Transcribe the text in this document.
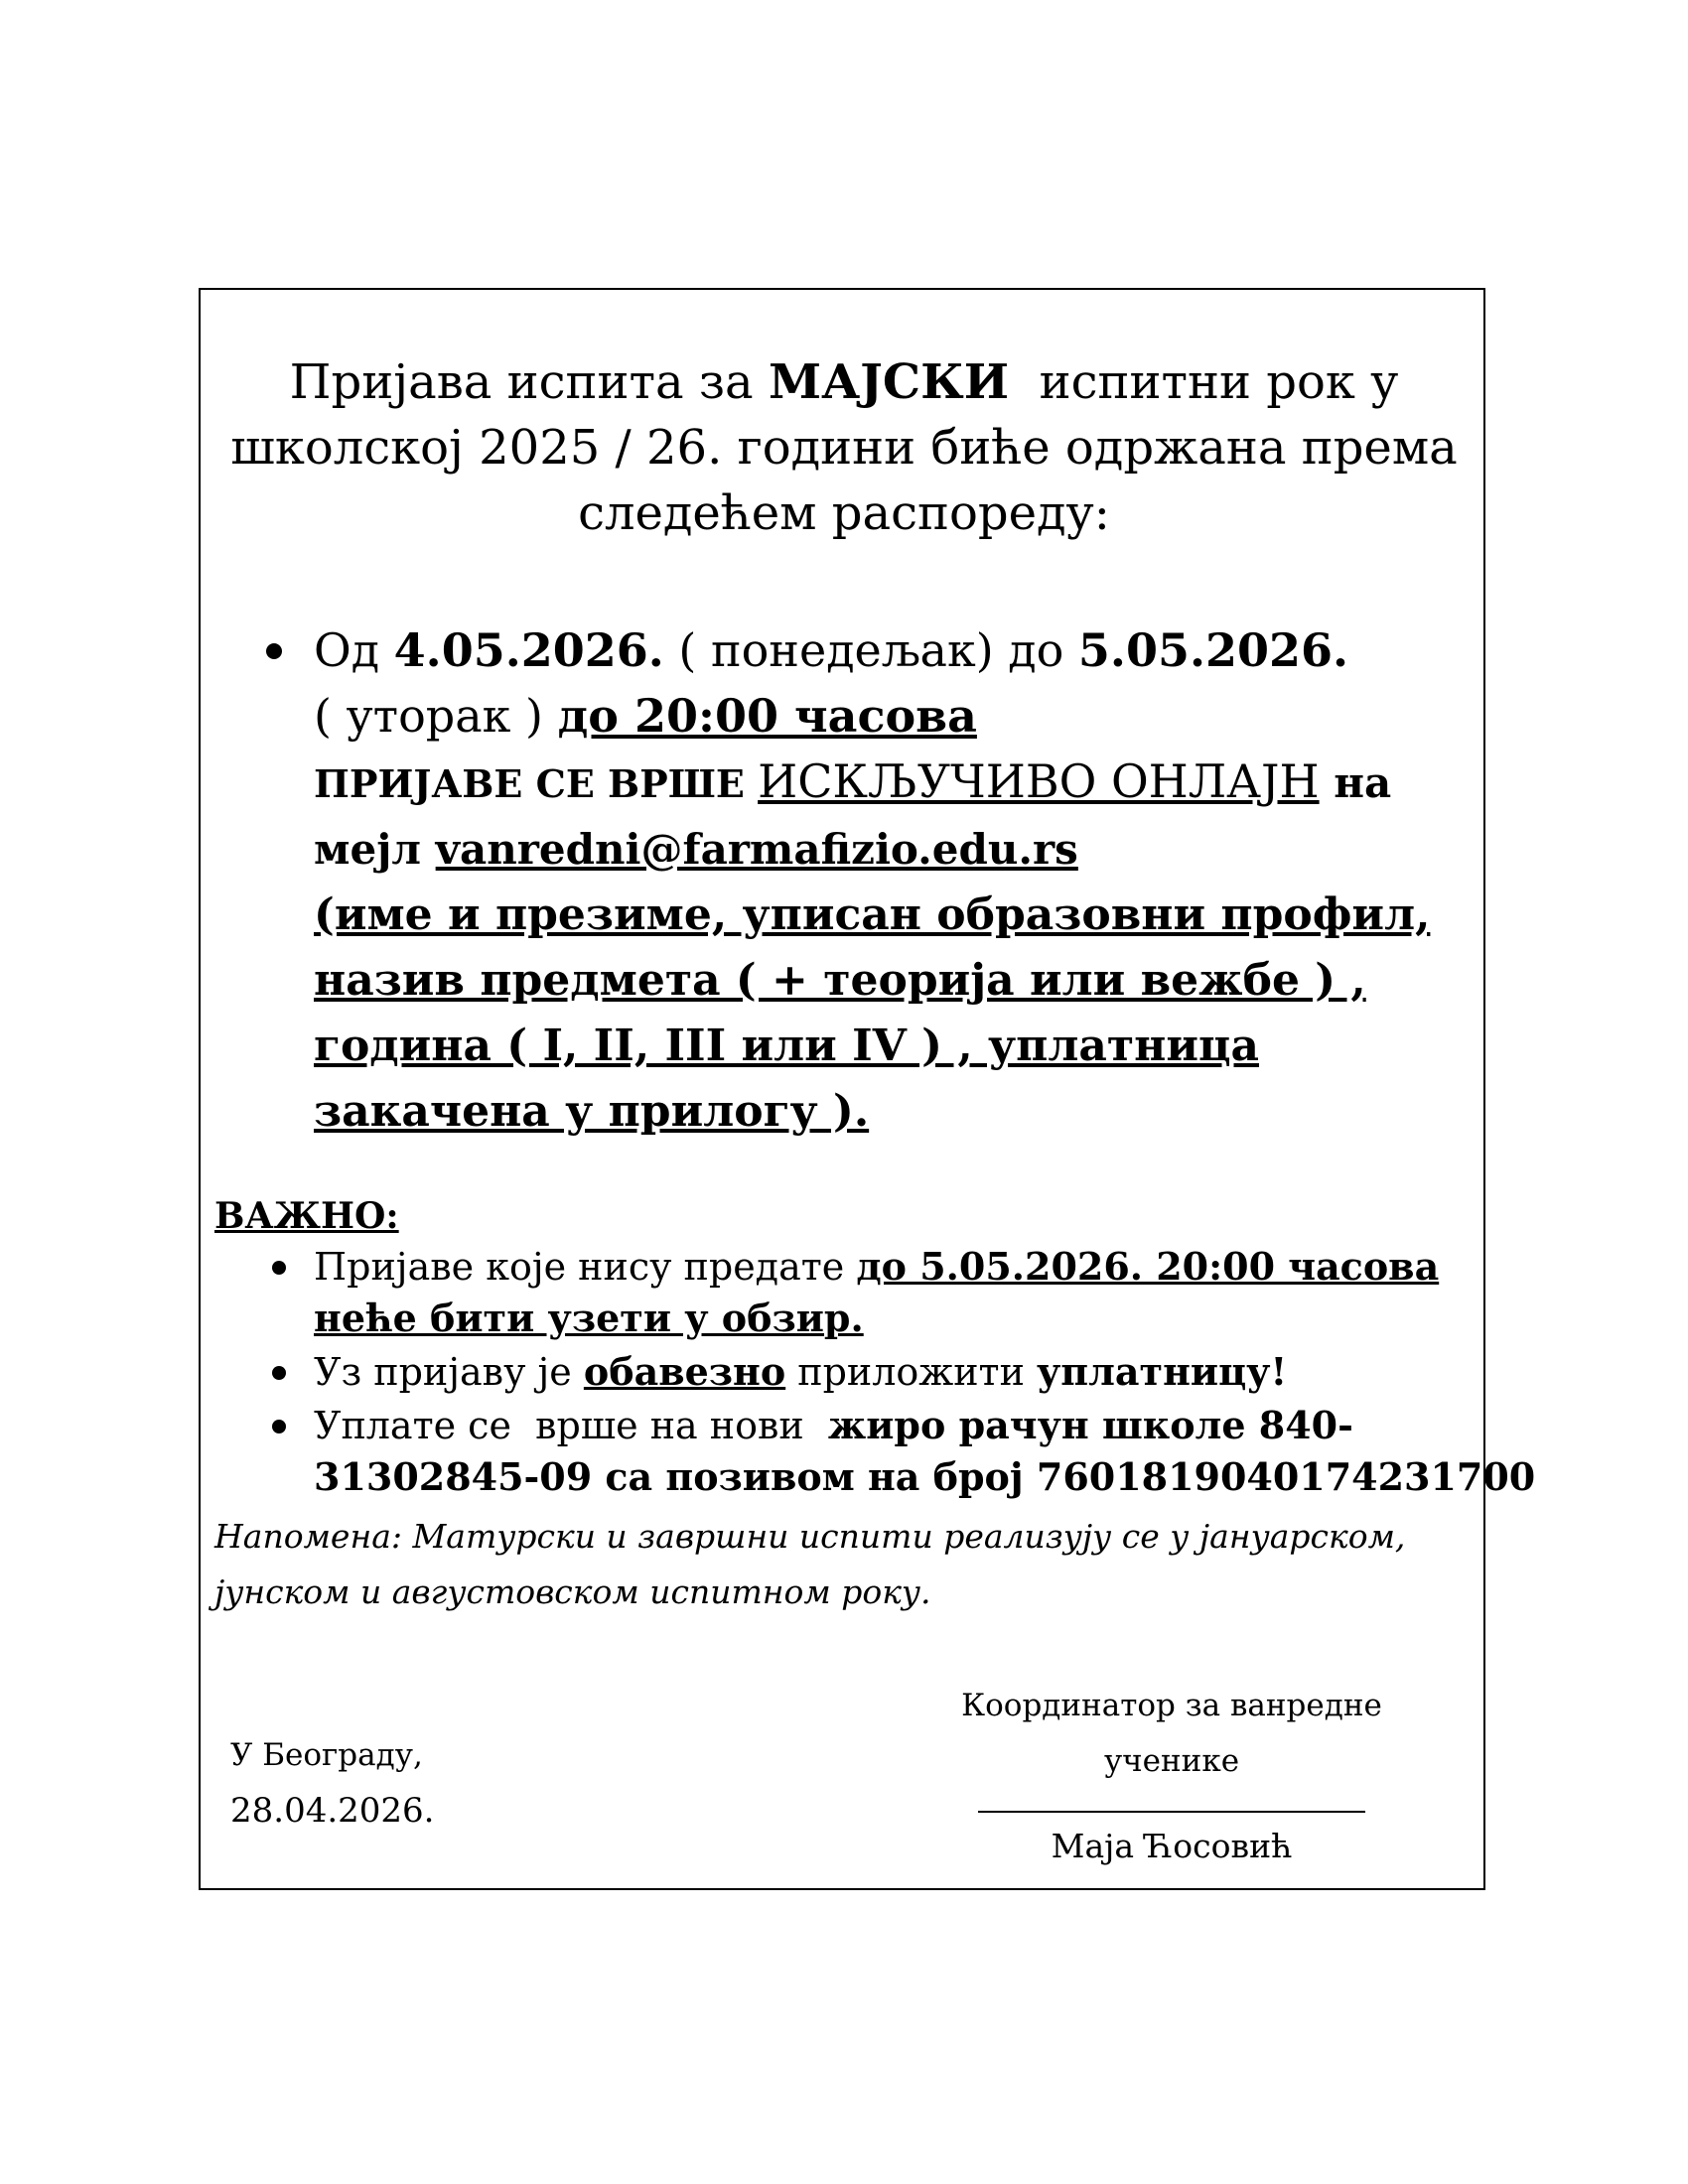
Пријава испита за МАЈСКИ  испитни рок у
школској 2025 / 26. години биће одржана према
следећем распореду:
Од 4.05.2026. ( понедељак) до 5.05.2026.
( уторак ) до 20:00 часова
ПРИЈАВЕ СЕ ВРШЕ ИСКЉУЧИВО ОНЛАЈН на
мејл vanredni@farmafizio.edu.rs
(име и презиме, уписан образовни профил,
назив предмета ( + теорија или вежбе ) ,
година ( I, II, III или IV ) , уплатница
закачена у прилогу ).

ВАЖНО:

Пријаве које нису предате до 5.05.2026. 20:00 часова
неће бити узети у обзир.
Уз пријаву је обавезно приложити уплатницу!
Уплате се  врше на нови  жиро рачун школе 840-
31302845-09 са позивом на број 7601819040174231700

Напомена: Матурски и завршни испити реализују се у јануарском,
јунском и августовском испитном року.

У Београду,
28.04.2026.
Координатор за ванредне ученике
Маја Ћосовић
